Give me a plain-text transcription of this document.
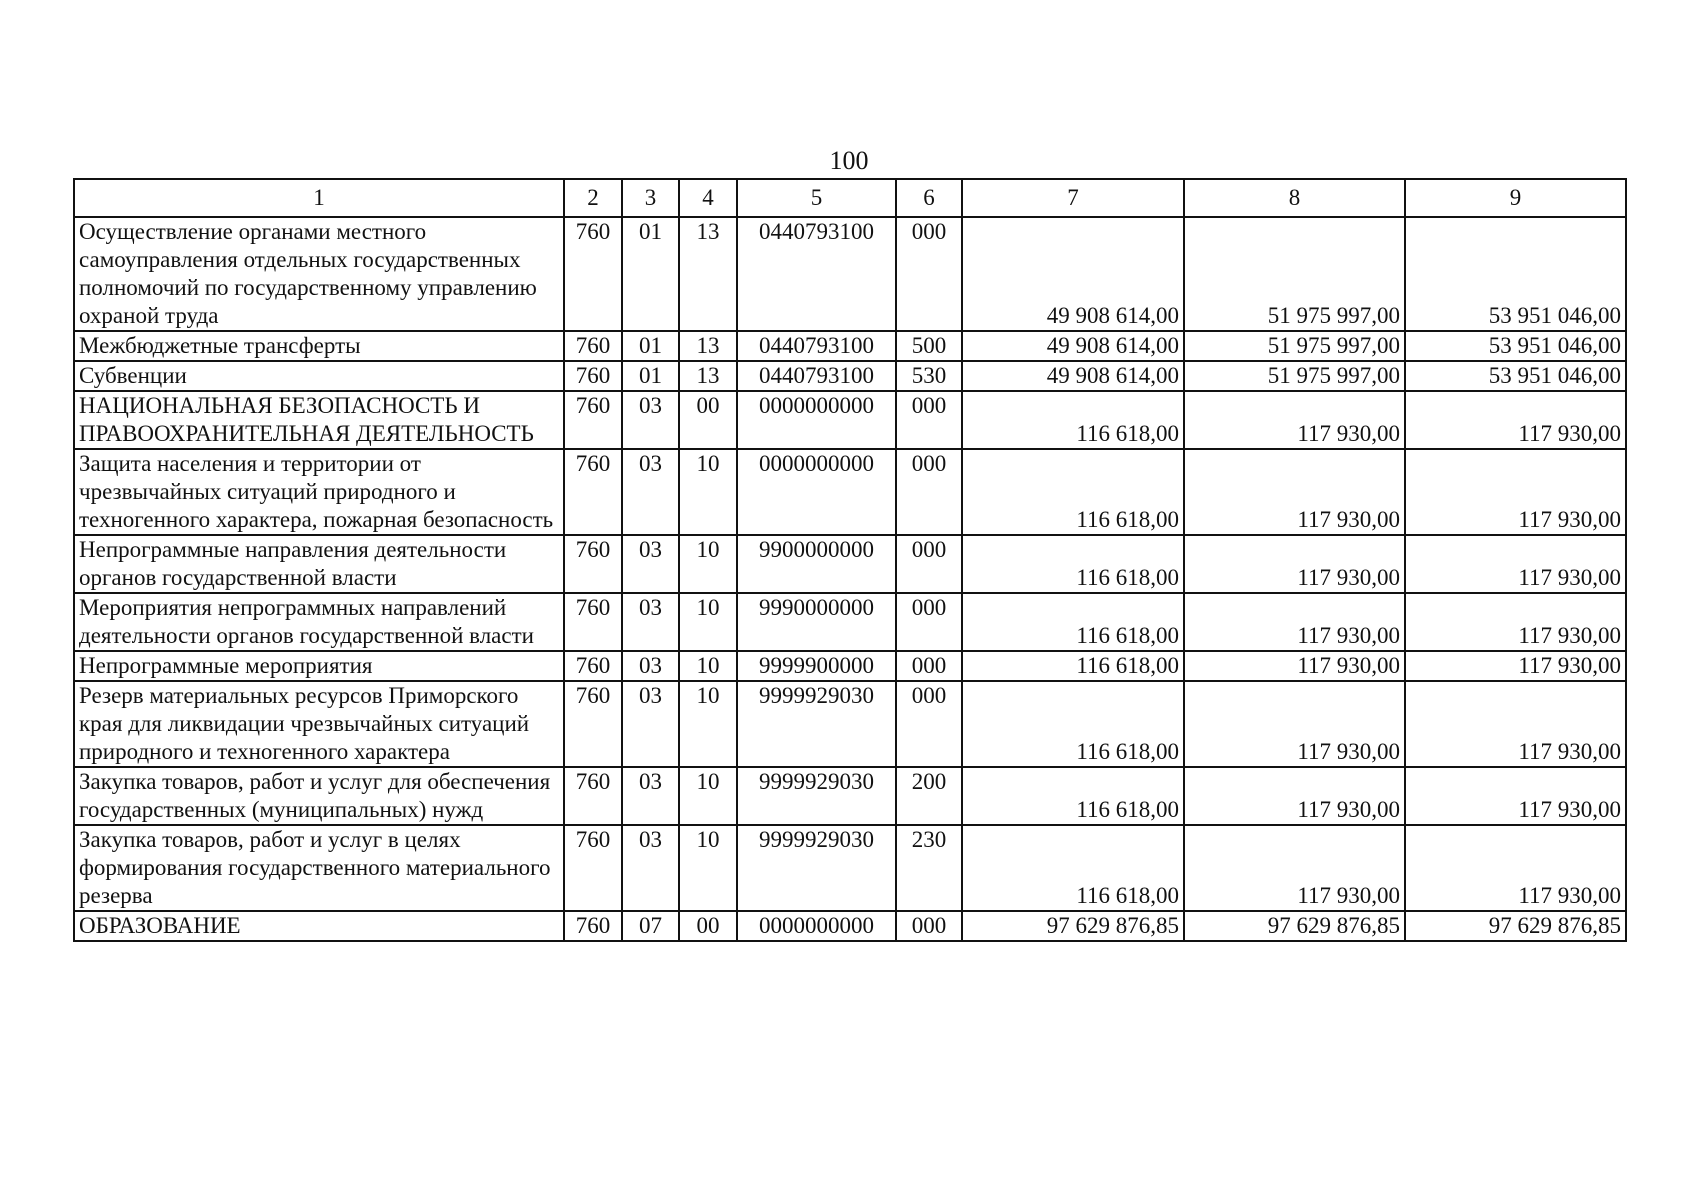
100
1	2	3	4	5	6	7	8	9
Осуществление органами местного самоуправления отдельных государственных полномочий по государственному управлению охраной труда	760	01	13	0440793100	000	49 908 614,00	51 975 997,00	53 951 046,00
Межбюджетные трансферты	760	01	13	0440793100	500	49 908 614,00	51 975 997,00	53 951 046,00
Субвенции	760	01	13	0440793100	530	49 908 614,00	51 975 997,00	53 951 046,00
НАЦИОНАЛЬНАЯ БЕЗОПАСНОСТЬ И ПРАВООХРАНИТЕЛЬНАЯ ДЕЯТЕЛЬНОСТЬ	760	03	00	0000000000	000	116 618,00	117 930,00	117 930,00
Защита населения и территории от чрезвычайных ситуаций природного и техногенного характера, пожарная безопасность	760	03	10	0000000000	000	116 618,00	117 930,00	117 930,00
Непрограммные направления деятельности органов государственной власти	760	03	10	9900000000	000	116 618,00	117 930,00	117 930,00
Мероприятия непрограммных направлений деятельности органов государственной власти	760	03	10	9990000000	000	116 618,00	117 930,00	117 930,00
Непрограммные мероприятия	760	03	10	9999900000	000	116 618,00	117 930,00	117 930,00
Резерв материальных ресурсов Приморского края для ликвидации чрезвычайных ситуаций природного и техногенного характера	760	03	10	9999929030	000	116 618,00	117 930,00	117 930,00
Закупка товаров, работ и услуг для обеспечения государственных (муниципальных) нужд	760	03	10	9999929030	200	116 618,00	117 930,00	117 930,00
Закупка товаров, работ и услуг в целях формирования государственного материального резерва	760	03	10	9999929030	230	116 618,00	117 930,00	117 930,00
ОБРАЗОВАНИЕ	760	07	00	0000000000	000	97 629 876,85	97 629 876,85	97 629 876,85
